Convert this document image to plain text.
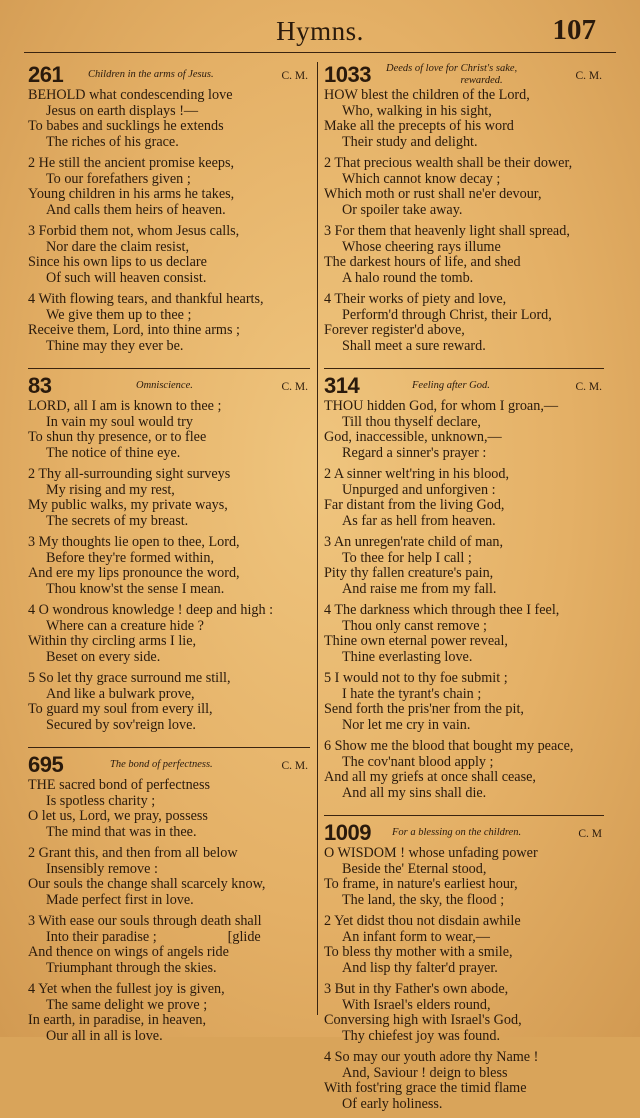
Hymns.	107
261 Children in the arms of Jesus.	C. M.
BEHOLD what condescending love
Jesus on earth displays !—
To babes and sucklings he extends
The riches of his grace.
2 He still the ancient promise keeps,
To our forefathers given ;
Young children in his arms he takes,
And calls them heirs of heaven.
3 Forbid them not, whom Jesus calls,
Nor dare the claim resist,
Since his own lips to us declare
Of such will heaven consist.
4 With flowing tears, and thankful hearts,
We give them up to thee ;
Receive them, Lord, into thine arms ;
Thine may they ever be.
83	Omniscience.	C. M.
LORD, all I am is known to thee ;
In vain my soul would try
To shun thy presence, or to flee
The notice of thine eye.
2 Thy all-surrounding sight surveys
My rising and my rest,
My public walks, my private ways,
The secrets of my breast.
3 My thoughts lie open to thee, Lord,
Before they're formed within,
And ere my lips pronounce the word,
Thou know'st the sense I mean.
4 O wondrous knowledge ! deep and high :
Where can a creature hide ?
Within thy circling arms I lie,
Beset on every side.
5 So let thy grace surround me still,
And like a bulwark prove,
To guard my soul from every ill,
Secured by sov'reign love.
695	The bond of perfectness.	C. M.
THE sacred bond of perfectness
Is spotless charity ;
O let us, Lord, we pray, possess
The mind that was in thee.
2 Grant this, and then from all below
Insensibly remove :
Our souls the change shall scarcely know,
Made perfect first in love.
3 With ease our souls through death shall
Into their paradise ;                    [glide
And thence on wings of angels ride
Triumphant through the skies.
4 Yet when the fullest joy is given,
The same delight we prove ;
In earth, in paradise, in heaven,
Our all in all is love.
1033 Deeds of love for Christ's sake,
rewarded.	C. M.
HOW blest the children of the Lord,
Who, walking in his sight,
Make all the precepts of his word
Their study and delight.
2 That precious wealth shall be their dower,
Which cannot know decay ;
Which moth or rust shall ne'er devour,
Or spoiler take away.
3 For them that heavenly light shall spread,
Whose cheering rays illume
The darkest hours of life, and shed
A halo round the tomb.
4 Their works of piety and love,
Perform'd through Christ, their Lord,
Forever register'd above,
Shall meet a sure reward.
314	Feeling after God.	C. M.
THOU hidden God, for whom I groan,—
Till thou thyself declare,
God, inaccessible, unknown,—
Regard a sinner's prayer :
2 A sinner welt'ring in his blood,
Unpurged and unforgiven :
Far distant from the living God,
As far as hell from heaven.
3 An unregen'rate child of man,
To thee for help I call ;
Pity thy fallen creature's pain,
And raise me from my fall.
4 The darkness which through thee I feel,
Thou only canst remove ;
Thine own eternal power reveal,
Thine everlasting love.
5 I would not to thy foe submit ;
I hate the tyrant's chain ;
Send forth the pris'ner from the pit,
Nor let me cry in vain.
6 Show me the blood that bought my peace,
The cov'nant blood apply ;
And all my griefs at once shall cease,
And all my sins shall die.
1009 For a blessing on the children.	C. M
O WISDOM ! whose unfading power
Beside the' Eternal stood,
To frame, in nature's earliest hour,
The land, the sky, the flood ;
2 Yet didst thou not disdain awhile
An infant form to wear,—
To bless thy mother with a smile,
And lisp thy falter'd prayer.
3 But in thy Father's own abode,
With Israel's elders round,
Conversing high with Israel's God,
Thy chiefest joy was found.
4 So may our youth adore thy Name !
And, Saviour ! deign to bless
With fost'ring grace the timid flame
Of early holiness.
